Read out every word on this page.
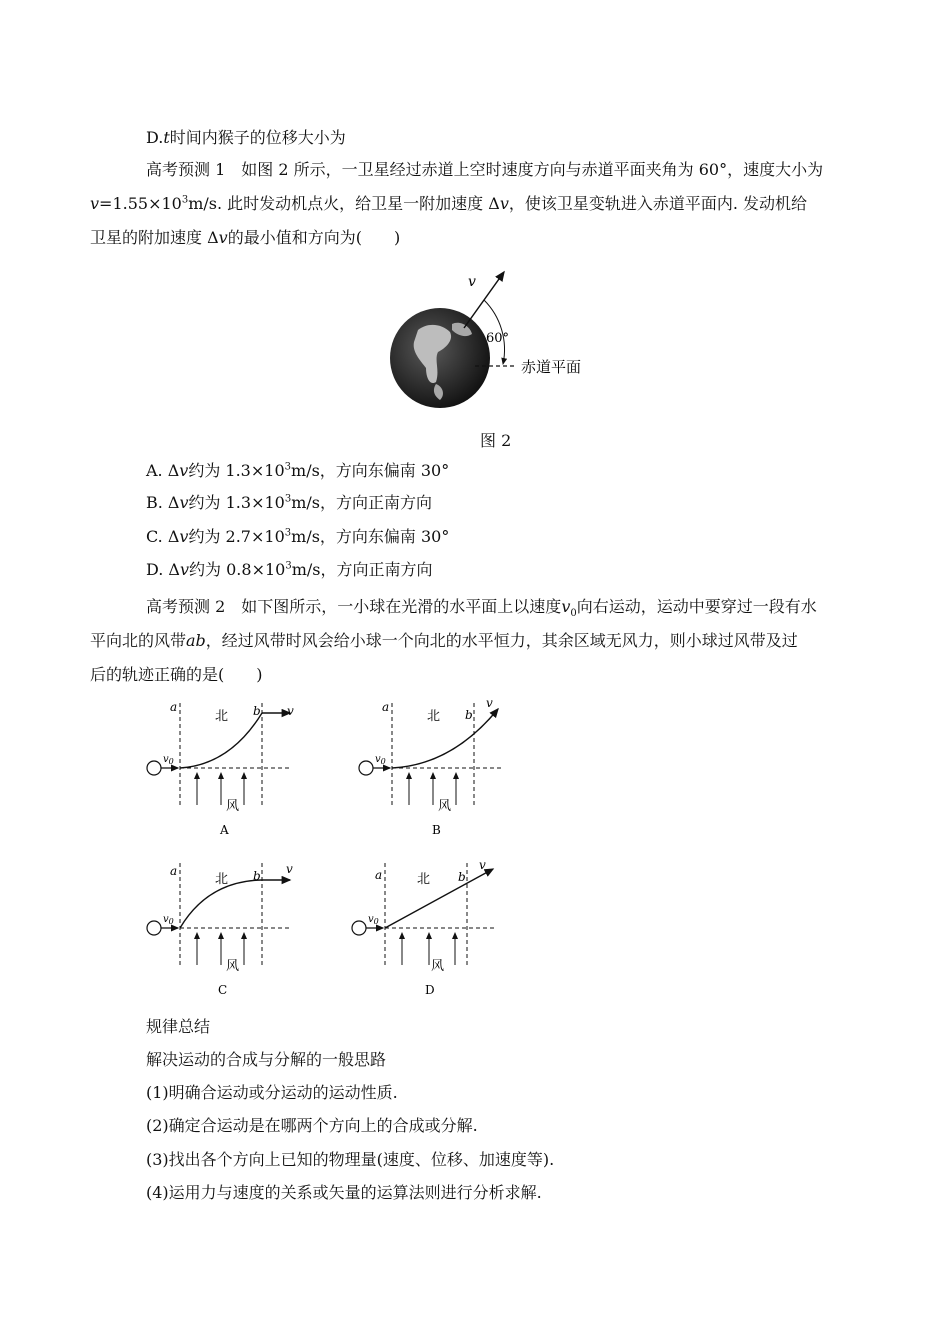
D.t时间内猴子的位移大小为
高考预测 1　 如图 2 所示，一卫星经过赤道上空时速度方向与赤道平面夹角为 60°，速度大小为
$v=1.55\times 10^3m/s$. 此时发动机点火，给卫星一附加速度 Δv，使该卫星变轨进入赤道平面内. 发动机给
卫星的附加速度 Δv的最小值和方向为(　　)
v
60°
赤道平面
图 2
A. Δv约为 $1.3\times 10^3m/s$，方向东偏南 30°
B. Δv约为 $1.3\times 10^3m/s$，方向正南方向
C. Δv约为 $2.7\times 10^3m/s$，方向东偏南 30°
D. Δv约为 $0.8\times 10^3m/s$，方向正南方向
高考预测 2　 如下图所示，一小球在光滑的水平面上以速度$v_0$向右运动，运动中要穿过一段有水
平向北的风带ab，经过风带时风会给小球一个向北的水平恒力，其余区域无风力，则小球过风带及过
后的轨迹正确的是(　　)
a	b
北	v
$v_0$
风
A
a
b
北
v
$v_0$
风
B
a	b
北
v
$v_0$
风
C
a	b
北
v
$v_0$
风
D
规律总结
解决运动的合成与分解的一般思路
(1)明确合运动或分运动的运动性质.
(2)确定合运动是在哪两个方向上的合成或分解.
(3)找出各个方向上已知的物理量(速度、位移、加速度等).
(4)运用力与速度的关系或矢量的运算法则进行分析求解.
